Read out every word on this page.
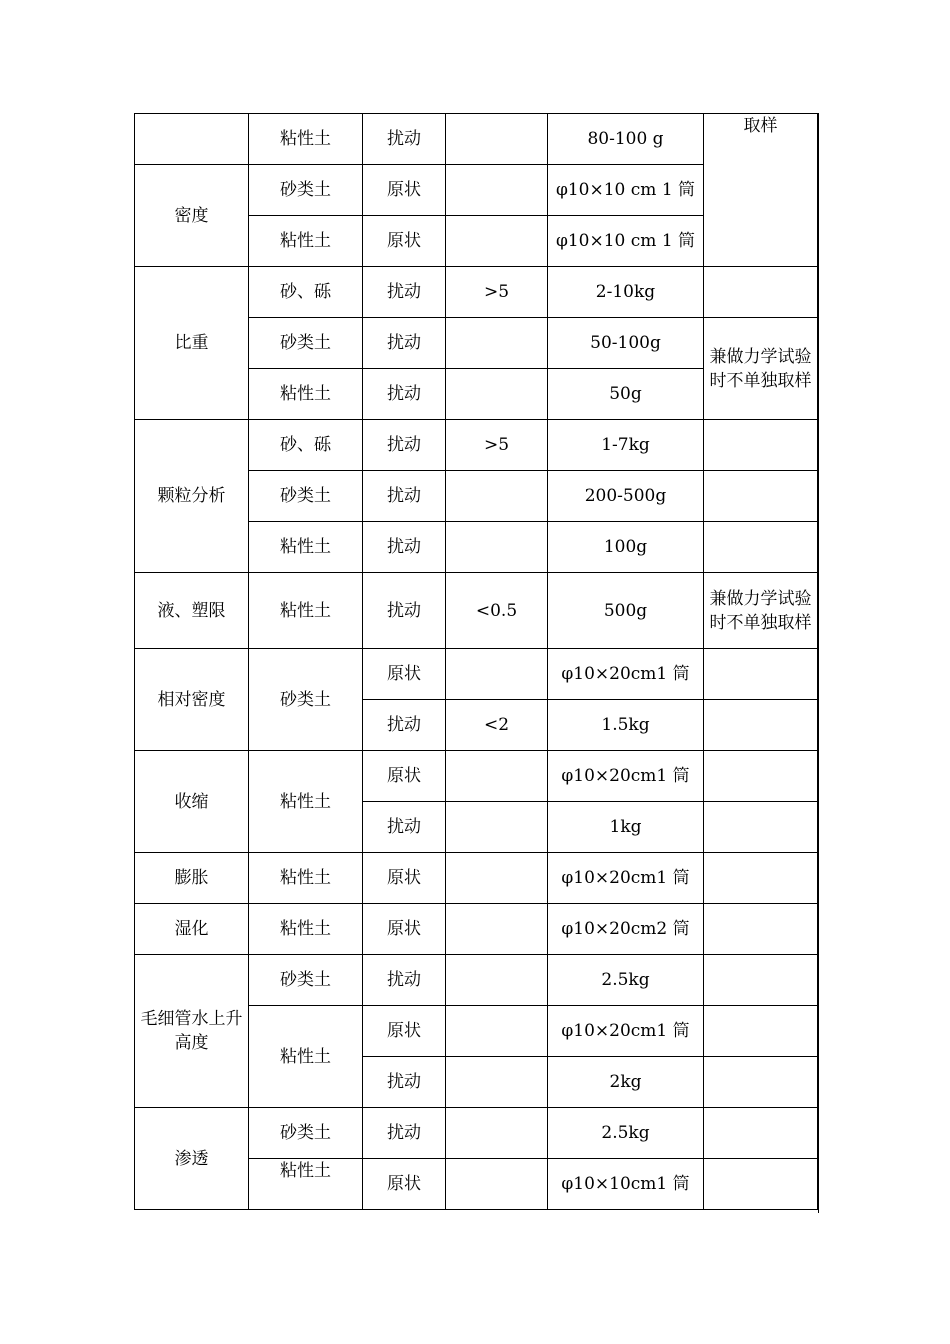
	粘性土	扰动		80-100 g	取样
密度	砂类土	原状		φ10×10 cm 1 筒	
	粘性土	原状		φ10×10 cm 1 筒	
比重	砂、砾	扰动	>5	2-10kg	
	砂类土	扰动		50-100g	兼做力学试验时不单独取样
	粘性土	扰动		50g	
颗粒分析	砂、砾	扰动	>5	1-7kg	
	砂类土	扰动		200-500g	
	粘性土	扰动		100g	
液、塑限	粘性土	扰动	<0.5	500g	兼做力学试验时不单独取样
相对密度	砂类土	原状		φ10×20cm1 筒	
		扰动	<2	1.5kg	
收缩	粘性土	原状		φ10×20cm1 筒	
		扰动		1kg	
膨胀	粘性土	原状		φ10×20cm1 筒	
湿化	粘性土	原状		φ10×20cm2 筒	
毛细管水上升高度	砂类土	扰动		2.5kg	
	粘性土	原状		φ10×20cm1 筒	
		扰动		2kg	
渗透	砂类土	扰动		2.5kg	
	粘性土	原状		φ10×10cm1 筒	
